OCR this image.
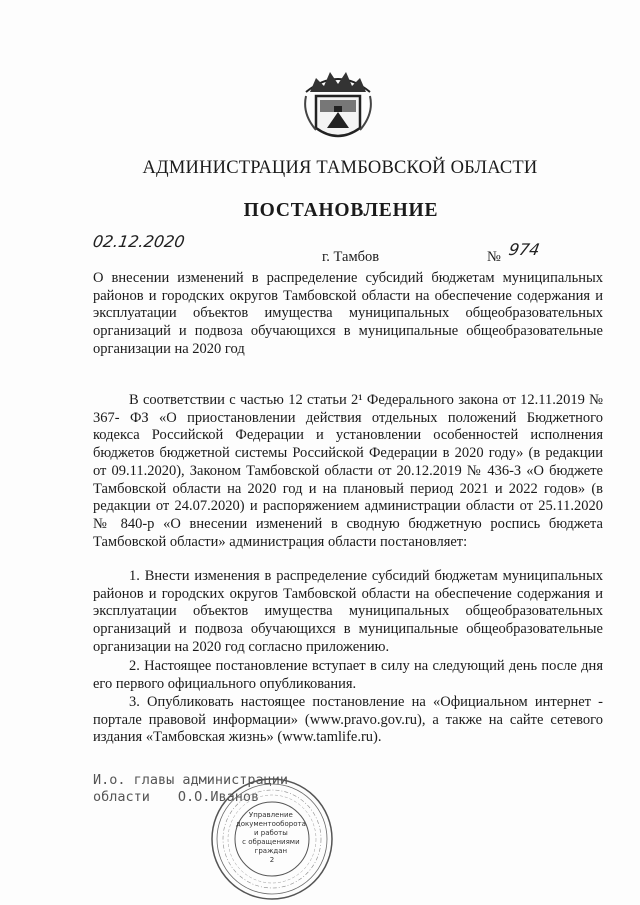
АДМИНИСТРАЦИЯ ТАМБОВСКОЙ ОБЛАСТИ
ПОСТАНОВЛЕНИЕ
02.12.2020
г. Тамбов	№ 974
О внесении изменений в распределение субсидий бюджетам муниципальных районов и городских округов Тамбовской области на обеспечение содержания и эксплуатации объектов имущества муниципальных общеобразовательных организаций и подвоза обучающихся в муниципальные общеобразовательные организации на 2020 год
В соответствии с частью 12 статьи 2¹ Федерального закона от 12.11.2019 № 367- ФЗ «О приостановлении действия отдельных положений Бюджетного кодекса Российской Федерации и установлении особенностей исполнения бюджетов бюджетной системы Российской Федерации в 2020 году» (в редакции от 09.11.2020), Законом Тамбовской области от 20.12.2019 № 436-З «О бюджете Тамбовской области на 2020 год и на плановый период 2021 и 2022 годов» (в редакции от 24.07.2020) и распоряжением администрации области от 25.11.2020 № 840-р «О внесении изменений в сводную бюджетную роспись бюджета Тамбовской области» администрация области постановляет:
1. Внести изменения в распределение субсидий бюджетам муниципальных районов и городских округов Тамбовской области на обеспечение содержания и эксплуатации объектов имущества муниципальных общеобразовательных организаций и подвоза обучающихся в муниципальные общеобразовательные организации на 2020 год согласно приложению.
2. Настоящее постановление вступает в силу на следующий день после дня его первого официального опубликования.
3. Опубликовать настоящее постановление на «Официальном интернет - портале правовой информации» (www.pravo.gov.ru), а также на сайте сетевого издания «Тамбовская жизнь» (www.tamlife.ru).
И.о. главы администрации
области О.О.Иванов
Управление документооборота и работы с обращениями граждан 2
